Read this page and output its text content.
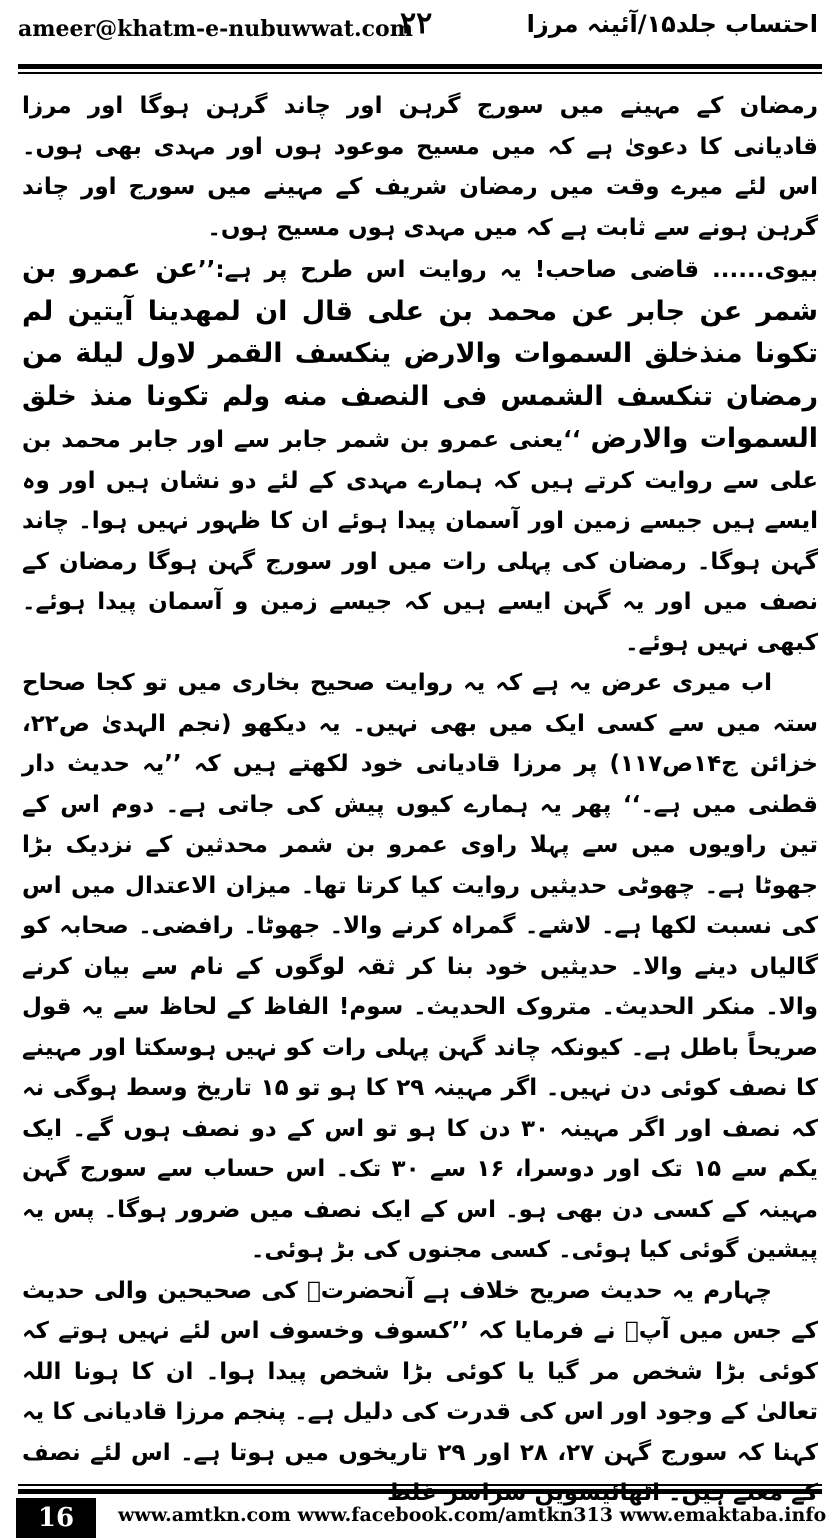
ameer@khatm-e-nubuwwat.com
۲۲	احتساب جلد۱۵/آئینہ مرزا

رمضان کے مہینے میں سورج گرہن اور چاند گرہن ہوگا اور مرزا قادیانی کا دعویٰ ہے کہ میں مسیح موعود ہوں اور مہدی بھی ہوں۔ اس لئے میرے وقت میں رمضان شریف کے مہینے میں سورج اور چاند گرہن ہونے سے ثابت ہے کہ میں مہدی ہوں مسیح ہوں۔

بیوی...... قاضی صاحب! یہ روایت اس طرح پر ہے:’’عن عمرو بن شمر عن جابر عن محمد بن علی قال ان لمهدينا آيتين لم تكونا منذخلق السموات والارض ينكسف القمر لاول ليلة من رمضان تنكسف الشمس فى النصف منه ولم تكونا منذ خلق السموات والارض ‘‘یعنی عمرو بن شمر جابر سے اور جابر محمد بن علی سے روایت کرتے ہیں کہ ہمارے مہدی کے لئے دو نشان ہیں اور وہ ایسے ہیں جیسے زمین اور آسمان پیدا ہوئے ان کا ظہور نہیں ہوا۔ چاند گہن ہوگا۔ رمضان کی پہلی رات میں اور سورج گہن ہوگا رمضان کے نصف میں اور یہ گہن ایسے ہیں کہ جیسے زمین و آسمان پیدا ہوئے۔ کبھی نہیں ہوئے۔

اب میری عرض یہ ہے کہ یہ روایت صحیح بخاری میں تو کجا صحاح ستہ میں سے کسی ایک میں بھی نہیں۔ یہ دیکھو (نجم الہدیٰ ص۲۲، خزائن ج۱۴ص۱۱۷) پر مرزا قادیانی خود لکھتے ہیں کہ ’’یہ حدیث دار قطنی میں ہے۔‘‘ پھر یہ ہمارے کیوں پیش کی جاتی ہے۔ دوم اس کے تین راویوں میں سے پہلا راوی عمرو بن شمر محدثین کے نزدیک بڑا جھوٹا ہے۔ چھوٹی حدیثیں روایت کیا کرتا تھا۔ میزان الاعتدال میں اس کی نسبت لکھا ہے۔ لاشے۔ گمراہ کرنے والا۔ جھوٹا۔ رافضی۔ صحابہ کو گالیاں دینے والا۔ حدیثیں خود بنا کر ثقہ لوگوں کے نام سے بیان کرنے والا۔ منکر الحدیث۔ متروک الحدیث۔ سوم! الفاظ کے لحاظ سے یہ قول صریحاً باطل ہے۔ کیونکہ چاند گہن پہلی رات کو نہیں ہوسکتا اور مہینے کا نصف کوئی دن نہیں۔ اگر مہینہ ۲۹ کا ہو تو ۱۵ تاریخ وسط ہوگی نہ کہ نصف اور اگر مہینہ ۳۰ دن کا ہو تو اس کے دو نصف ہوں گے۔ ایک یکم سے ۱۵ تک اور دوسرا، ۱۶ سے ۳۰ تک۔ اس حساب سے سورج گہن مہینہ کے کسی دن بھی ہو۔ اس کے ایک نصف میں ضرور ہوگا۔ پس یہ پیشین گوئی کیا ہوئی۔ کسی مجنوں کی بڑ ہوئی۔

چہارم یہ حدیث صریح خلاف ہے آنحضرتﷺ کی صحیحین والی حدیث کے جس میں آپؐ نے فرمایا کہ ’’کسوف وخسوف اس لئے نہیں ہوتے کہ کوئی بڑا شخص مر گیا یا کوئی بڑا شخص پیدا ہوا۔ ان کا ہونا اللہ تعالیٰ کے وجود اور اس کی قدرت کی دلیل ہے۔ پنجم مرزا قادیانی کا یہ کہنا کہ سورج گہن ۲۷، ۲۸ اور ۲۹ تاریخوں میں ہوتا ہے۔ اس لئے نصف

16	www.amtkn.com www.facebook.com/amtkn313 www.emaktaba.info
